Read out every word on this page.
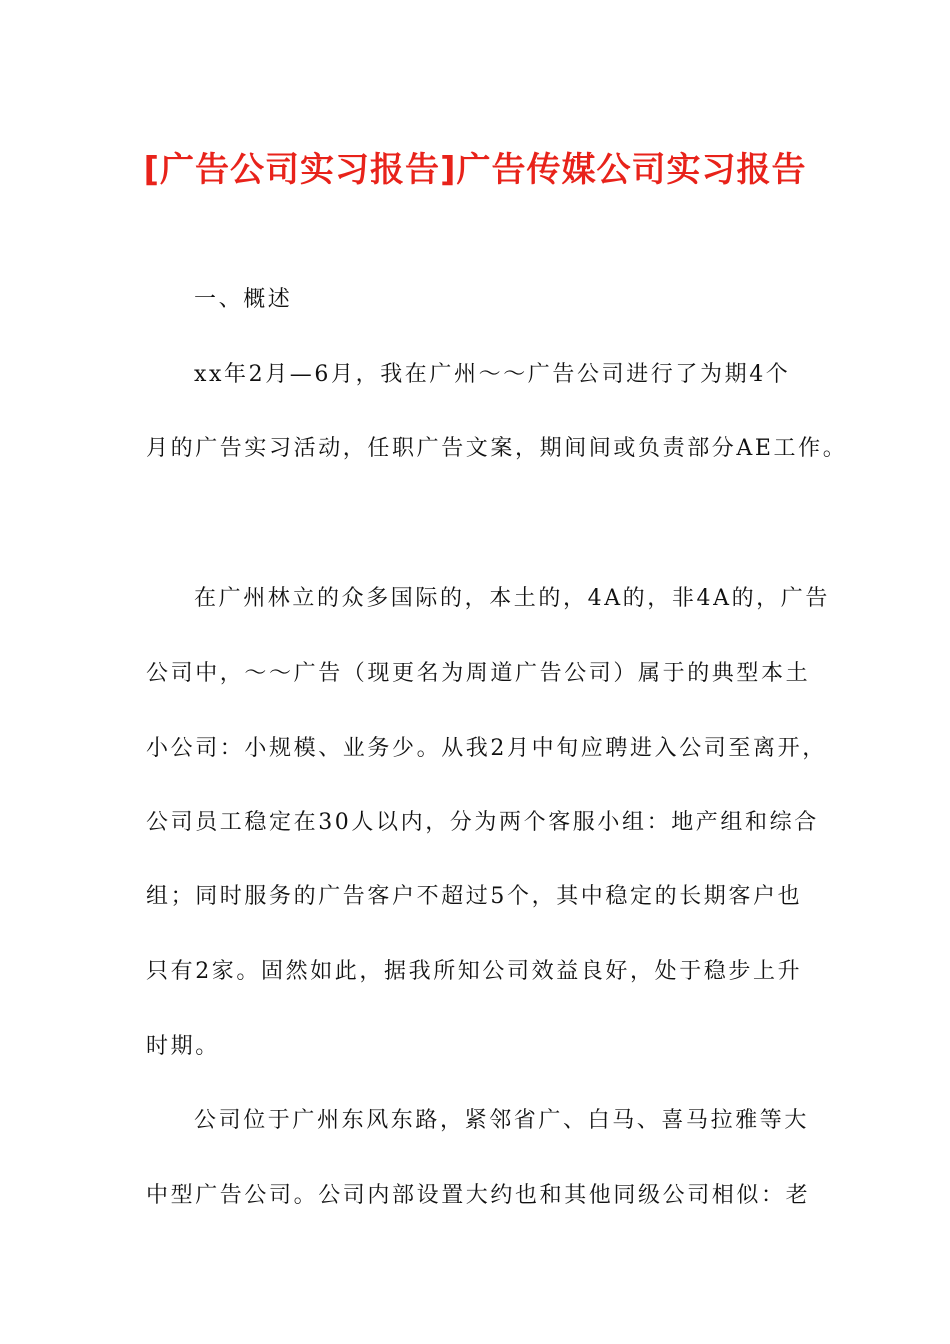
[广告公司实习报告]广告传媒公司实习报告
一、概述
xx年2月—6月，我在广州～～广告公司进行了为期4个
月的广告实习活动，任职广告文案，期间间或负责部分AE工作。
在广州林立的众多国际的，本土的，4A的，非4A的，广告
公司中，～～广告（现更名为周道广告公司）属于的典型本土
小公司：小规模、业务少。从我2月中旬应聘进入公司至离开，
公司员工稳定在30人以内，分为两个客服小组：地产组和综合
组；同时服务的广告客户不超过5个，其中稳定的长期客户也
只有2家。固然如此，据我所知公司效益良好，处于稳步上升
时期。
公司位于广州东风东路，紧邻省广、白马、喜马拉雅等大
中型广告公司。公司内部设置大约也和其他同级公司相似：老
